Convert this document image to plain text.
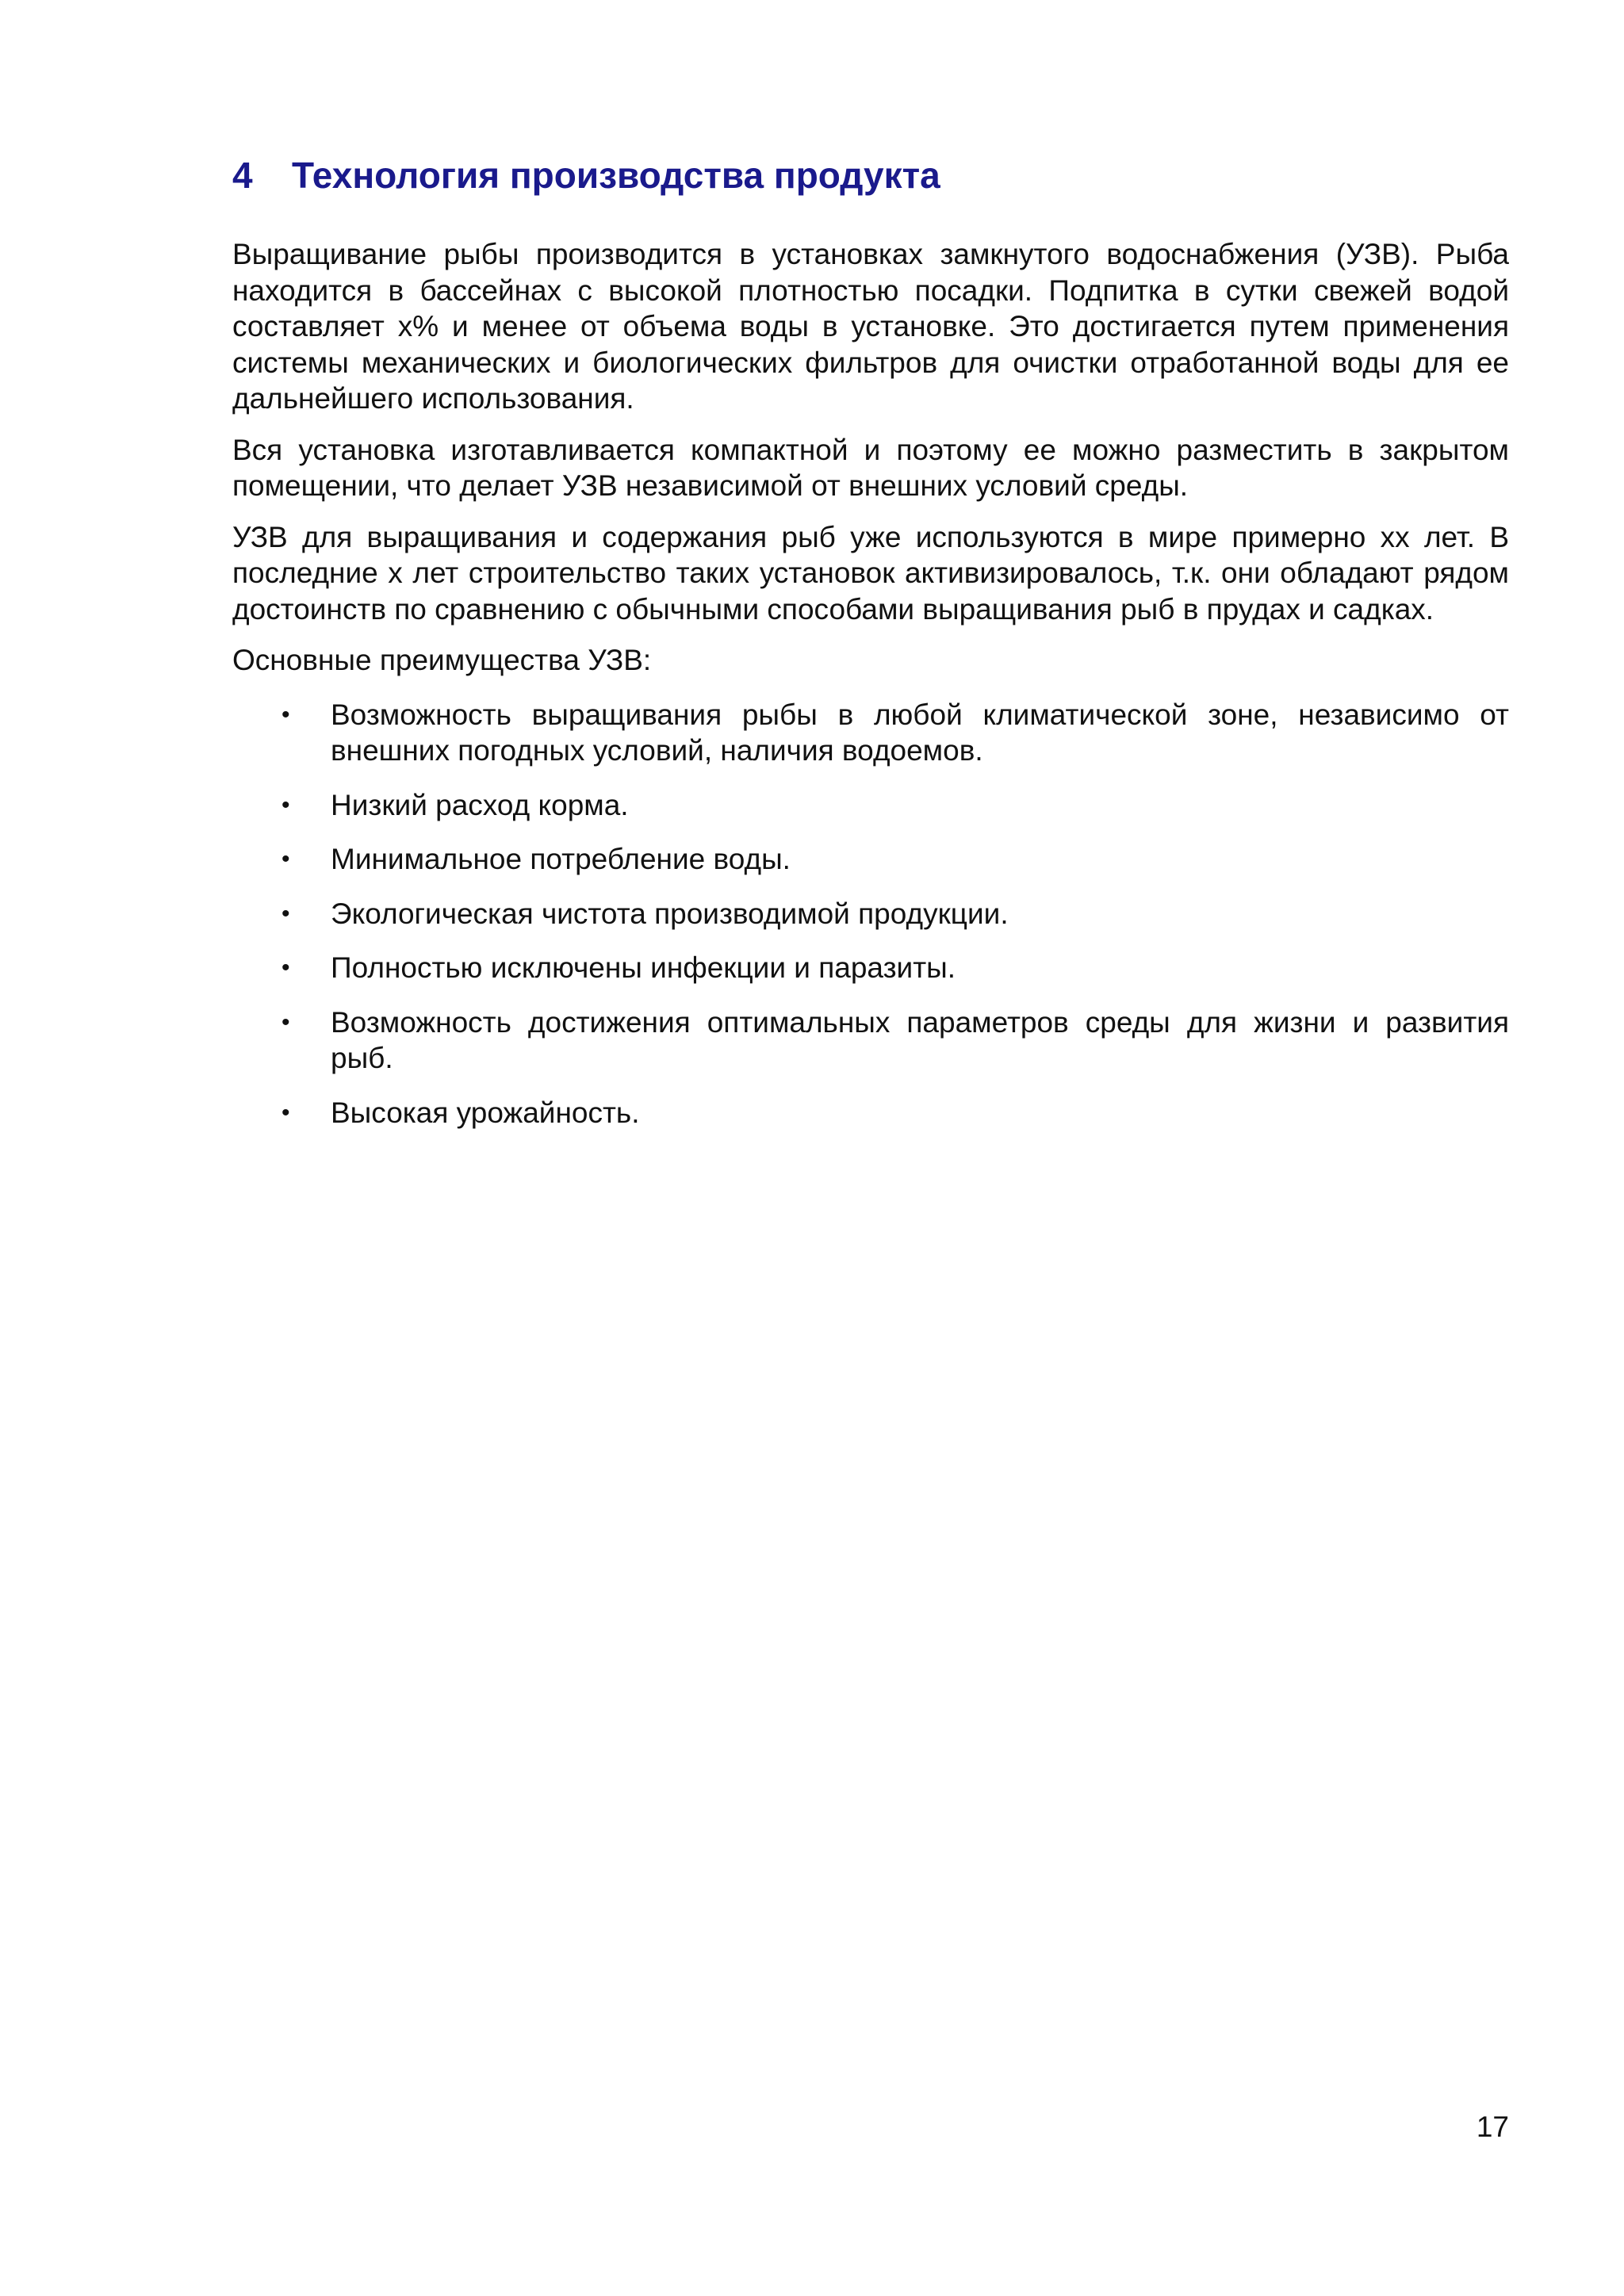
4	Технология производства продукта

Выращивание рыбы производится в установках замкнутого водоснабжения (УЗВ). Рыба находится в бассейнах с высокой плотностью посадки. Подпитка в сутки свежей водой составляет x% и менее от объема воды в установке. Это достигается путем применения системы механических и биологических фильтров для очистки отработанной воды для ее дальнейшего использования.

Вся установка изготавливается компактной и поэтому ее можно разместить в закрытом помещении, что делает УЗВ независимой от внешних условий среды.

УЗВ для выращивания и содержания рыб уже используются в мире примерно xx лет. В последние x лет строительство таких установок активизировалось, т.к. они обладают рядом достоинств по сравнению с обычными способами выращивания рыб в прудах и садках.

Основные преимущества УЗВ:

• Возможность выращивания рыбы в любой климатической зоне, независимо от внешних погодных условий, наличия водоемов.
• Низкий расход корма.
• Минимальное потребление воды.
• Экологическая чистота производимой продукции.
• Полностью исключены инфекции и паразиты.
• Возможность достижения оптимальных параметров среды для жизни и развития рыб.
• Высокая урожайность.
17
